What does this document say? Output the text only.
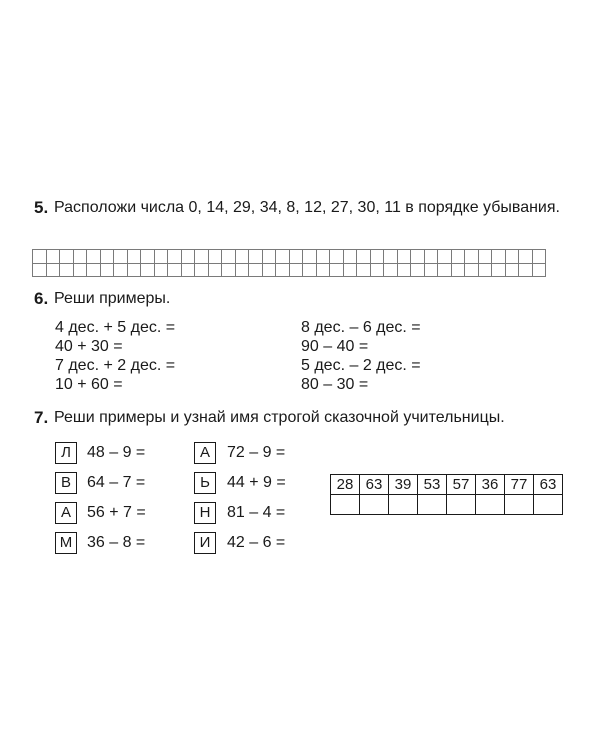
5. Расположи числа 0, 14, 29, 34, 8, 12, 27, 30, 11 в порядке убывания.

6. Реши примеры.
4 дес. + 5 дес. =
40 + 30 =
7 дес. + 2 дес. =
10 + 60 =
8 дес. – 6 дес. =
90 – 40 =
5 дес. – 2 дес. =
80 – 30 =
7. Реши примеры и узнай имя строгой сказочной учительницы.
Л	48 – 9 =
В	64 – 7 =
А	56 + 7 =
М 36 – 8 =
А	72 – 9 =
Ь	44 + 9 =
Н	81 – 4 =
И	42 – 6 =
28	63	39	53	57	36	77	63
